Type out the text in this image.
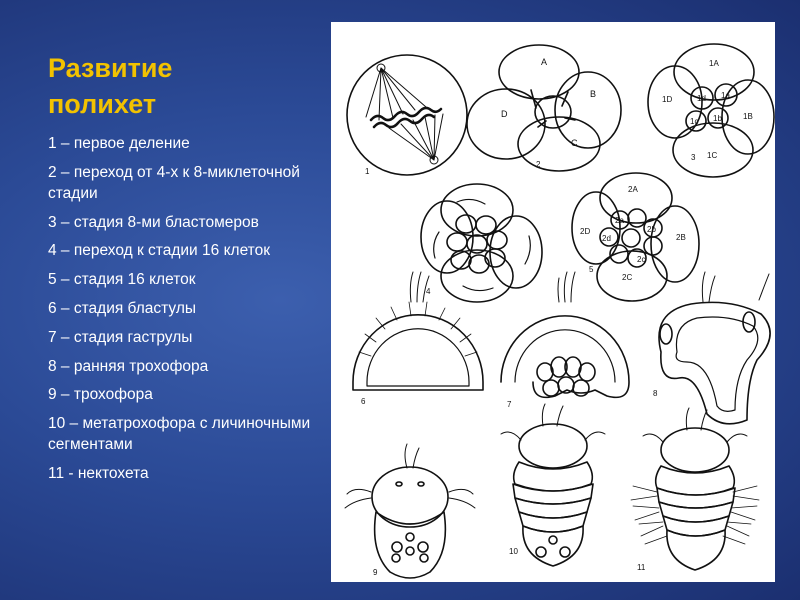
Развитие
полихет
1 – первое деление
2 – переход от 4-х к 8-миклеточной стадии
3 – стадия 8-ми бластомеров
4 – переход к стадии 16 клеток
5 – стадия 16 клеток
6 – стадия бластулы
7 – стадия гаструлы
8 – ранняя трохофора
9 – трохофора
10 – метатрохофора с личиночными сегментами
11 - нектохета
A
B
C
D
1A
1D	1d 1a
1c 1b	1B
1C
2A
2a
2D	2b
2d
2c
2B
2C
1
2
3
4
5
6	7
8
9
10
11
